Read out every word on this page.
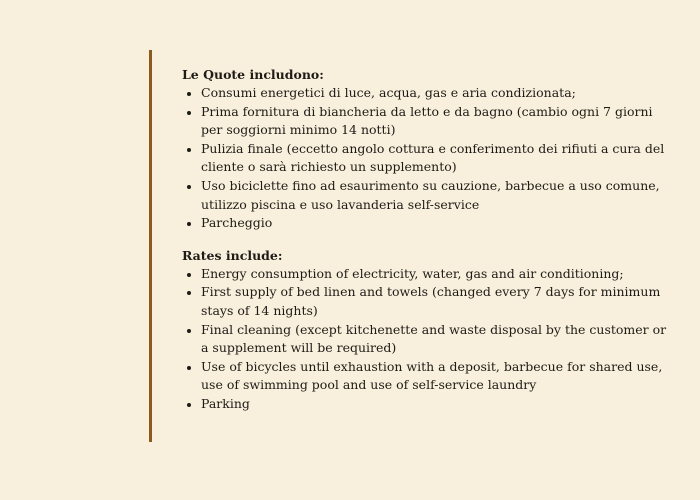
Le Quote includono:

Consumi energetici di luce, acqua, gas e aria condizionata;
Prima fornitura di biancheria da letto e da bagno (cambio ogni 7 giorni per soggiorni minimo 14 notti)
Pulizia finale (eccetto angolo cottura e conferimento dei rifiuti a cura del cliente o sarà richiesto un supplemento)
Uso biciclette fino ad esaurimento su cauzione, barbecue a uso comune, utilizzo piscina e uso lavanderia self-service
Parcheggio

Rates include:

Energy consumption of electricity, water, gas and air conditioning;
First supply of bed linen and towels (changed every 7 days for minimum stays of 14 nights)
Final cleaning (except kitchenette and waste disposal by the customer or a supplement will be required)
Use of bicycles until exhaustion with a deposit, barbecue for shared use, use of swimming pool and use of self-service laundry
Parking
